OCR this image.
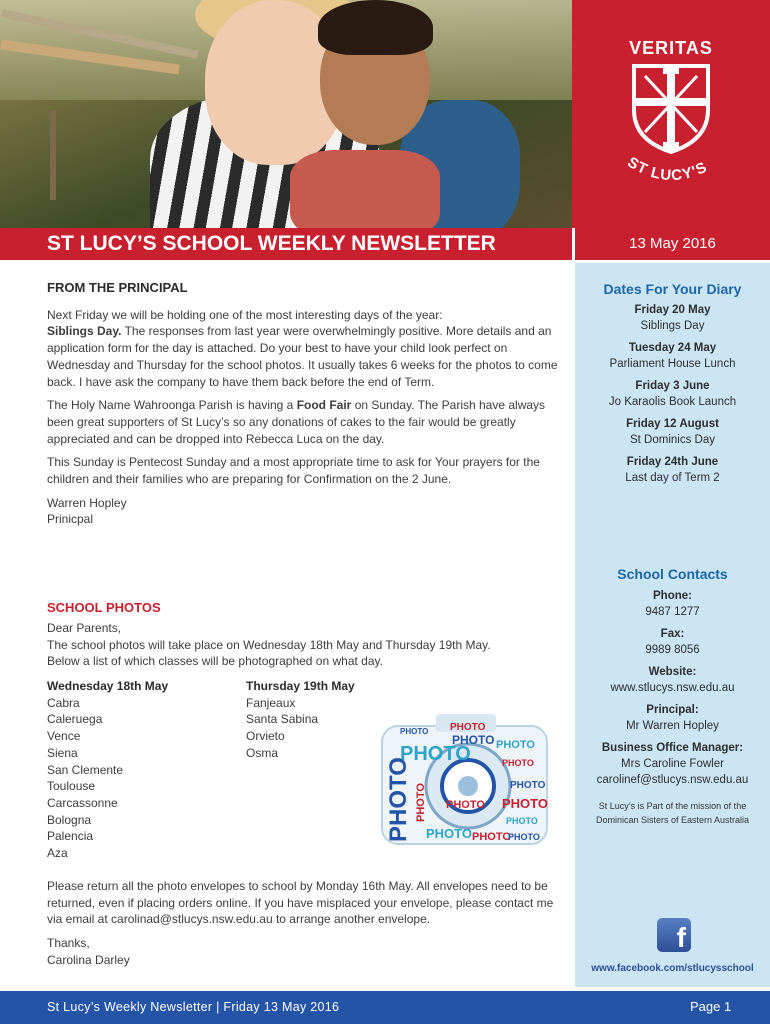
VERITAS
ST LUCY'S
ST LUCY’S SCHOOL WEEKLY NEWSLETTER	13 May 2016
FROM THE PRINCIPAL
Next Friday we will be holding one of the most interesting days of the year:
Siblings Day. The responses from last year were overwhelmingly positive. More details and an application form for the day is attached. Do your best to have your child look perfect on Wednesday and Thursday for the school photos. It usually takes 6 weeks for the photos to come back. I have ask the company to have them back before the end of Term.
The Holy Name Wahroonga Parish is having a Food Fair on Sunday. The Parish have always been great supporters of St Lucy’s so any donations of cakes to the fair would be greatly appreciated and can be dropped into Rebecca Luca on the day.
This Sunday is Pentecost Sunday and a most appropriate time to ask for Your prayers for the children and their families who are preparing for Confirmation on the 2 June.
Warren Hopley
Prinicpal
SCHOOL PHOTOS
Dear Parents,
The school photos will take place on Wednesday 18th May and Thursday 19th May.
Below a list of which classes will be photographed on what day.
Wednesday 18th May
Cabra
Caleruega
Vence
Siena
San Clemente
Toulouse
Carcassonne
Bologna
Palencia
Aza
Thursday 19th May
Fanjeaux
Santa Sabina
Orvieto
Osma
PHOTO PHOTO
PHOTO PHOTO
PHOTO	PHOTO
PHOTO
PHOTO
PHOTO
PHOTO
PHOTO PHOTO
PHOTO
PHOTO PHOTO
Please return all the photo envelopes to school by Monday 16th May. All envelopes need to be returned, even if placing orders online. If you have misplaced your envelope, please contact me via email at carolinad@stlucys.nsw.edu.au to arrange another envelope.
Thanks,
Carolina Darley
Dates For Your Diary
Friday 20 May
Siblings Day
Tuesday 24 May
Parliament House Lunch
Friday 3 June
Jo Karaolis Book Launch
Friday 12 August
St Dominics Day
Friday 24th June
Last day of Term 2
School Contacts
Phone:
9487 1277
Fax:
9989 8056
Website:
www.stlucys.nsw.edu.au
Principal:
Mr Warren Hopley
Business Office Manager:
Mrs Caroline Fowler
carolinef@stlucys.nsw.edu.au
St Lucy’s is Part of the mission of the
Dominican Sisters of Eastern Australia
f
www.facebook.com/stlucysschool
St Lucy’s Weekly Newsletter | Friday 13 May 2016	Page 1
